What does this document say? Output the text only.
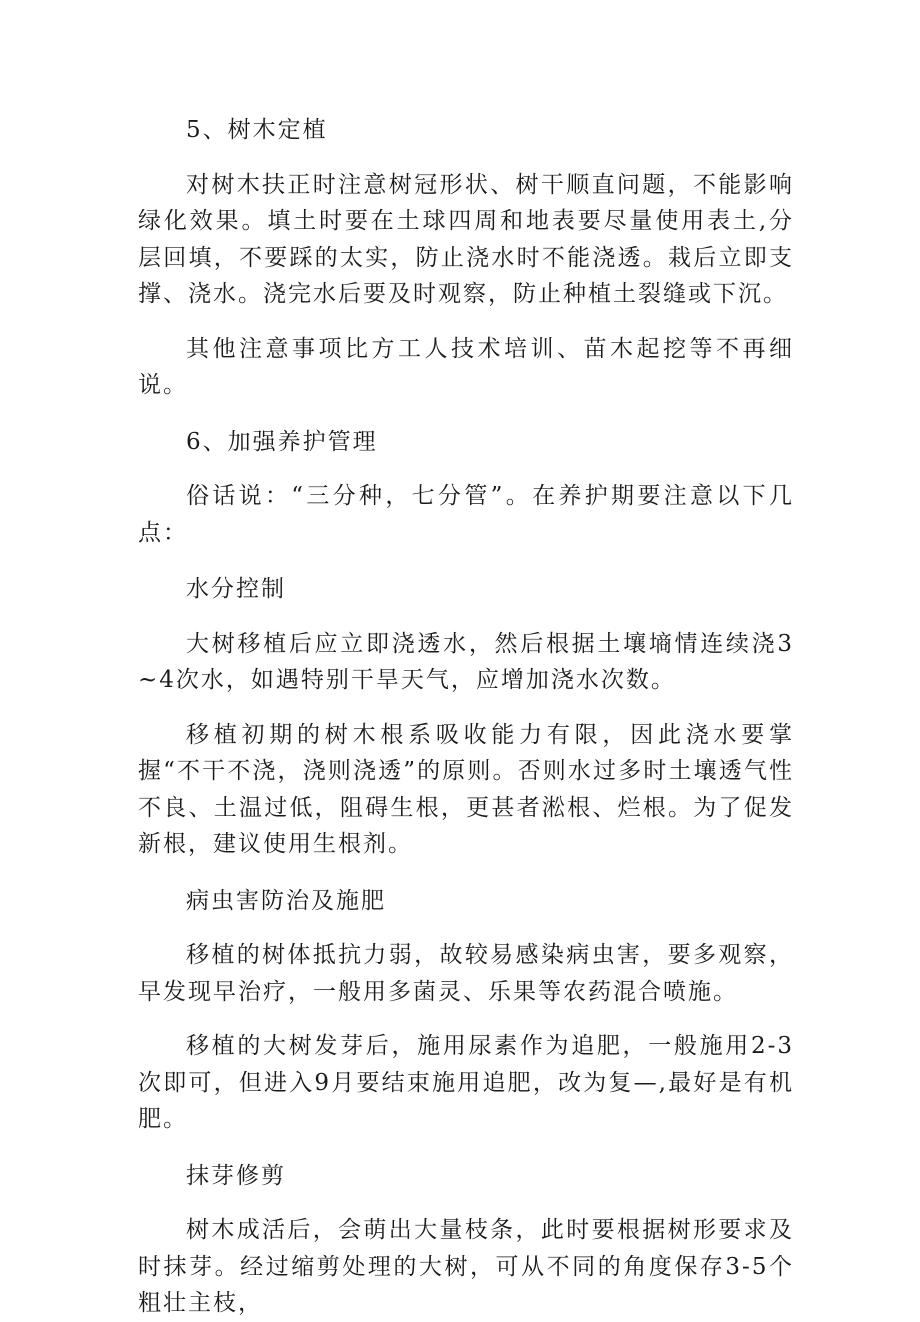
5、树木定植

对树木扶正时注意树冠形状、树干顺直问题，不能影响绿化效果。填土时要在土球四周和地表要尽量使用表土,分层回填，不要踩的太实，防止浇水时不能浇透。栽后立即支撑、浇水。浇完水后要及时观察，防止种植土裂缝或下沉。

其他注意事项比方工人技术培训、苗木起挖等不再细说。

6、加强养护管理

俗话说：“三分种，七分管”。在养护期要注意以下几点：

水分控制

大树移植后应立即浇透水，然后根据土壤墒情连续浇3~4次水，如遇特别干旱天气，应增加浇水次数。

移植初期的树木根系吸收能力有限，因此浇水要掌握“不干不浇，浇则浇透”的原则。否则水过多时土壤透气性不良、土温过低，阻碍生根，更甚者淞根、烂根。为了促发新根，建议使用生根剂。

病虫害防治及施肥

移植的树体抵抗力弱，故较易感染病虫害，要多观察，早发现早治疗，一般用多菌灵、乐果等农药混合喷施。

移植的大树发芽后，施用尿素作为追肥，一般施用2-3次即可，但进入9月要结束施用追肥，改为复—,最好是有机肥。

抹芽修剪

树木成活后，会萌出大量枝条，此时要根据树形要求及时抹芽。经过缩剪处理的大树，可从不同的角度保存3-5个粗壮主枝，
